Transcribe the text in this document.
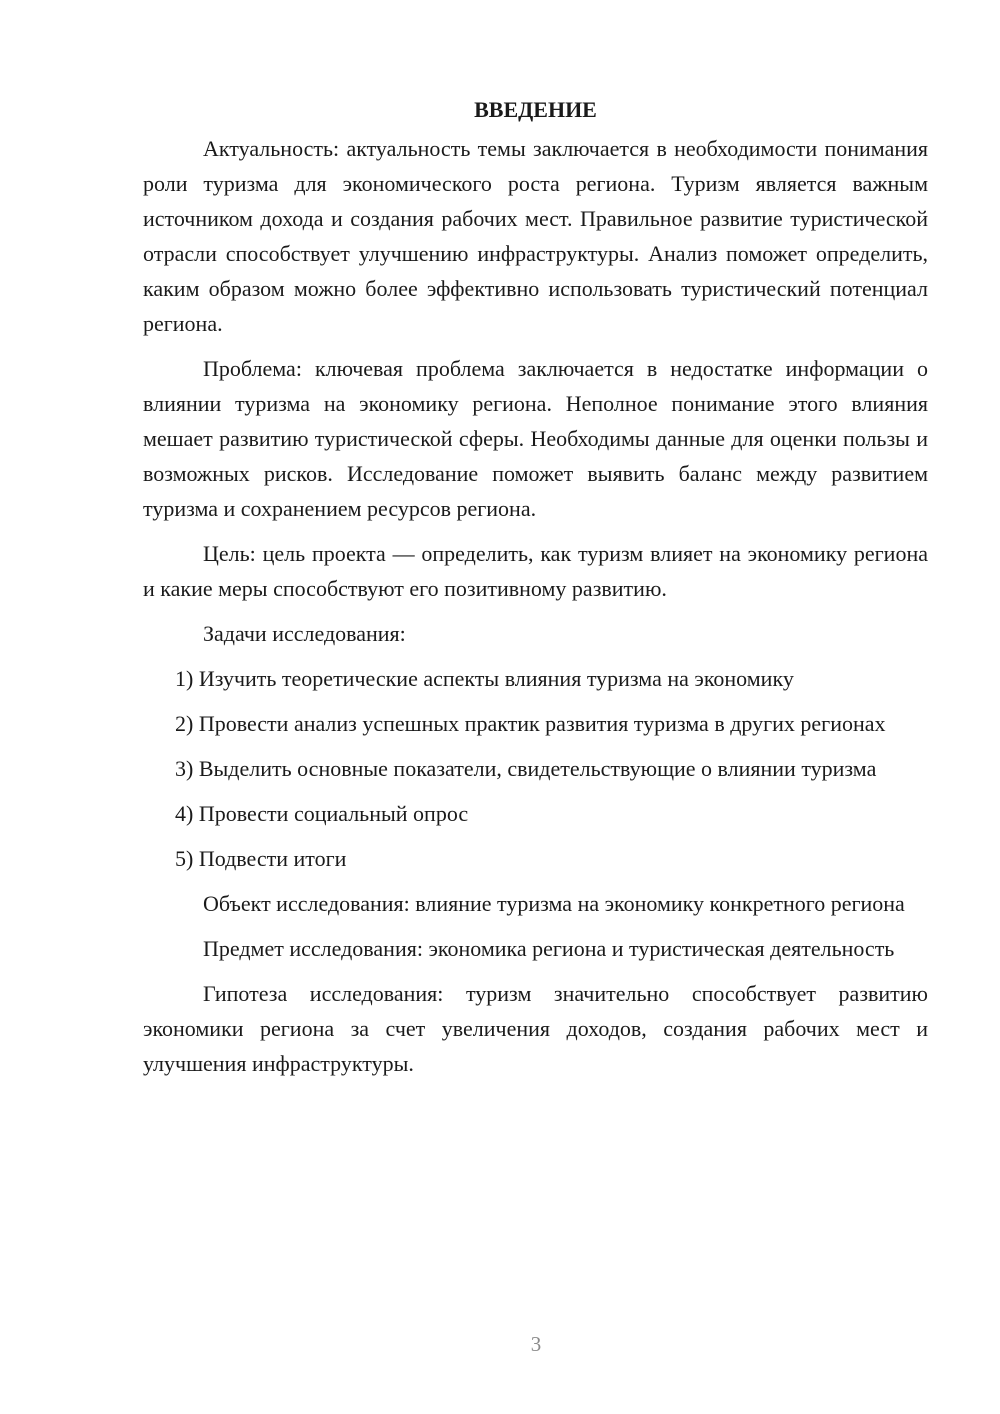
ВВЕДЕНИЕ

Актуальность: актуальность темы заключается в необходимости понимания роли туризма для экономического роста региона. Туризм является важным источником дохода и создания рабочих мест. Правильное развитие туристической отрасли способствует улучшению инфраструктуры. Анализ поможет определить, каким образом можно более эффективно использовать туристический потенциал региона.

Проблема: ключевая проблема заключается в недостатке информации о влиянии туризма на экономику региона. Неполное понимание этого влияния мешает развитию туристической сферы. Необходимы данные для оценки пользы и возможных рисков. Исследование поможет выявить баланс между развитием туризма и сохранением ресурсов региона.

Цель: цель проекта — определить, как туризм влияет на экономику региона и какие меры способствуют его позитивному развитию.

Задачи исследования:

1) Изучить теоретические аспекты влияния туризма на экономику

2) Провести анализ успешных практик развития туризма в других регионах

3) Выделить основные показатели, свидетельствующие о влиянии туризма

4) Провести социальный опрос

5) Подвести итоги

Объект исследования: влияние туризма на экономику конкретного региона

Предмет исследования: экономика региона и туристическая деятельность

Гипотеза исследования: туризм значительно способствует развитию экономики региона за счет увеличения доходов, создания рабочих мест и улучшения инфраструктуры.

3
